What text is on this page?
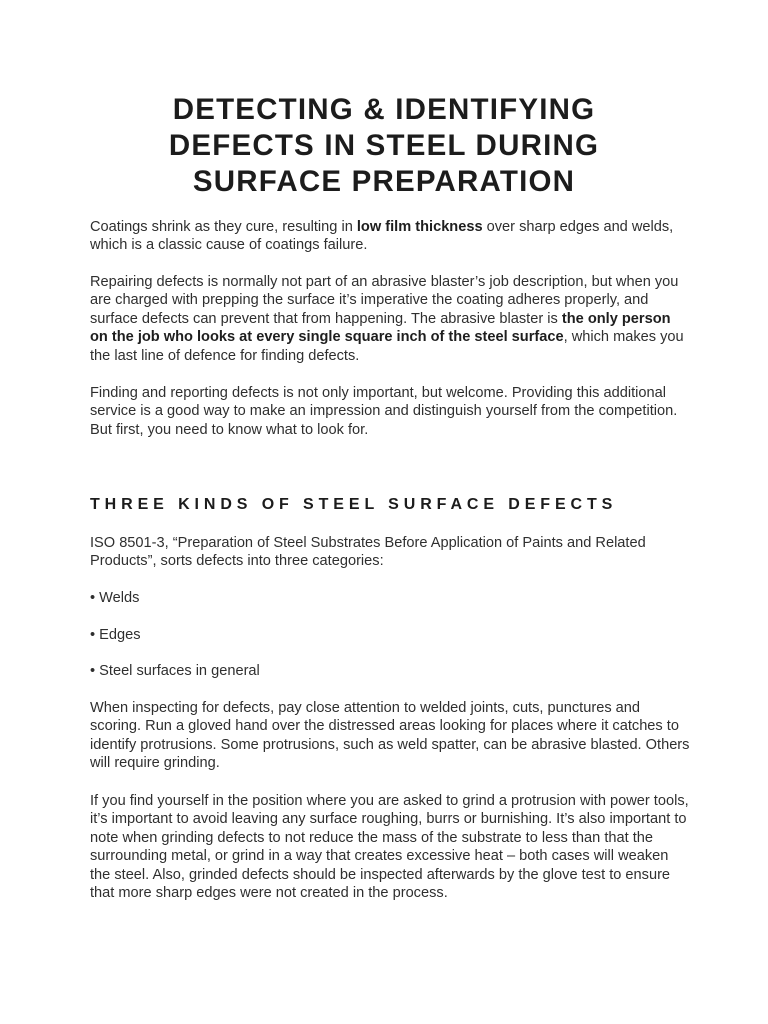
DETECTING & IDENTIFYING
DEFECTS IN STEEL DURING
SURFACE PREPARATION

Coatings shrink as they cure, resulting in low film thickness over sharp edges and welds, which is a classic cause of coatings failure.

Repairing defects is normally not part of an abrasive blaster’s job description, but when you are charged with prepping the surface it’s imperative the coating adheres properly, and surface defects can prevent that from happening. The abrasive blaster is the only person on the job who looks at every single square inch of the steel surface, which makes you the last line of defence for finding defects.

Finding and reporting defects is not only important, but welcome. Providing this additional service is a good way to make an impression and distinguish yourself from the competition. But first, you need to know what to look for.

THREE KINDS OF STEEL SURFACE DEFECTS

ISO 8501-3, “Preparation of Steel Substrates Before Application of Paints and Related Products”, sorts defects into three categories:

• Welds

• Edges

• Steel surfaces in general

When inspecting for defects, pay close attention to welded joints, cuts, punctures and scoring. Run a gloved hand over the distressed areas looking for places where it catches to identify protrusions. Some protrusions, such as weld spatter, can be abrasive blasted. Others will require grinding.

If you find yourself in the position where you are asked to grind a protrusion with power tools, it’s important to avoid leaving any surface roughing, burrs or burnishing. It’s also important to note when grinding defects to not reduce the mass of the substrate to less than that the surrounding metal, or grind in a way that creates excessive heat – both cases will weaken the steel. Also, grinded defects should be inspected afterwards by the glove test to ensure that more sharp edges were not created in the process.
